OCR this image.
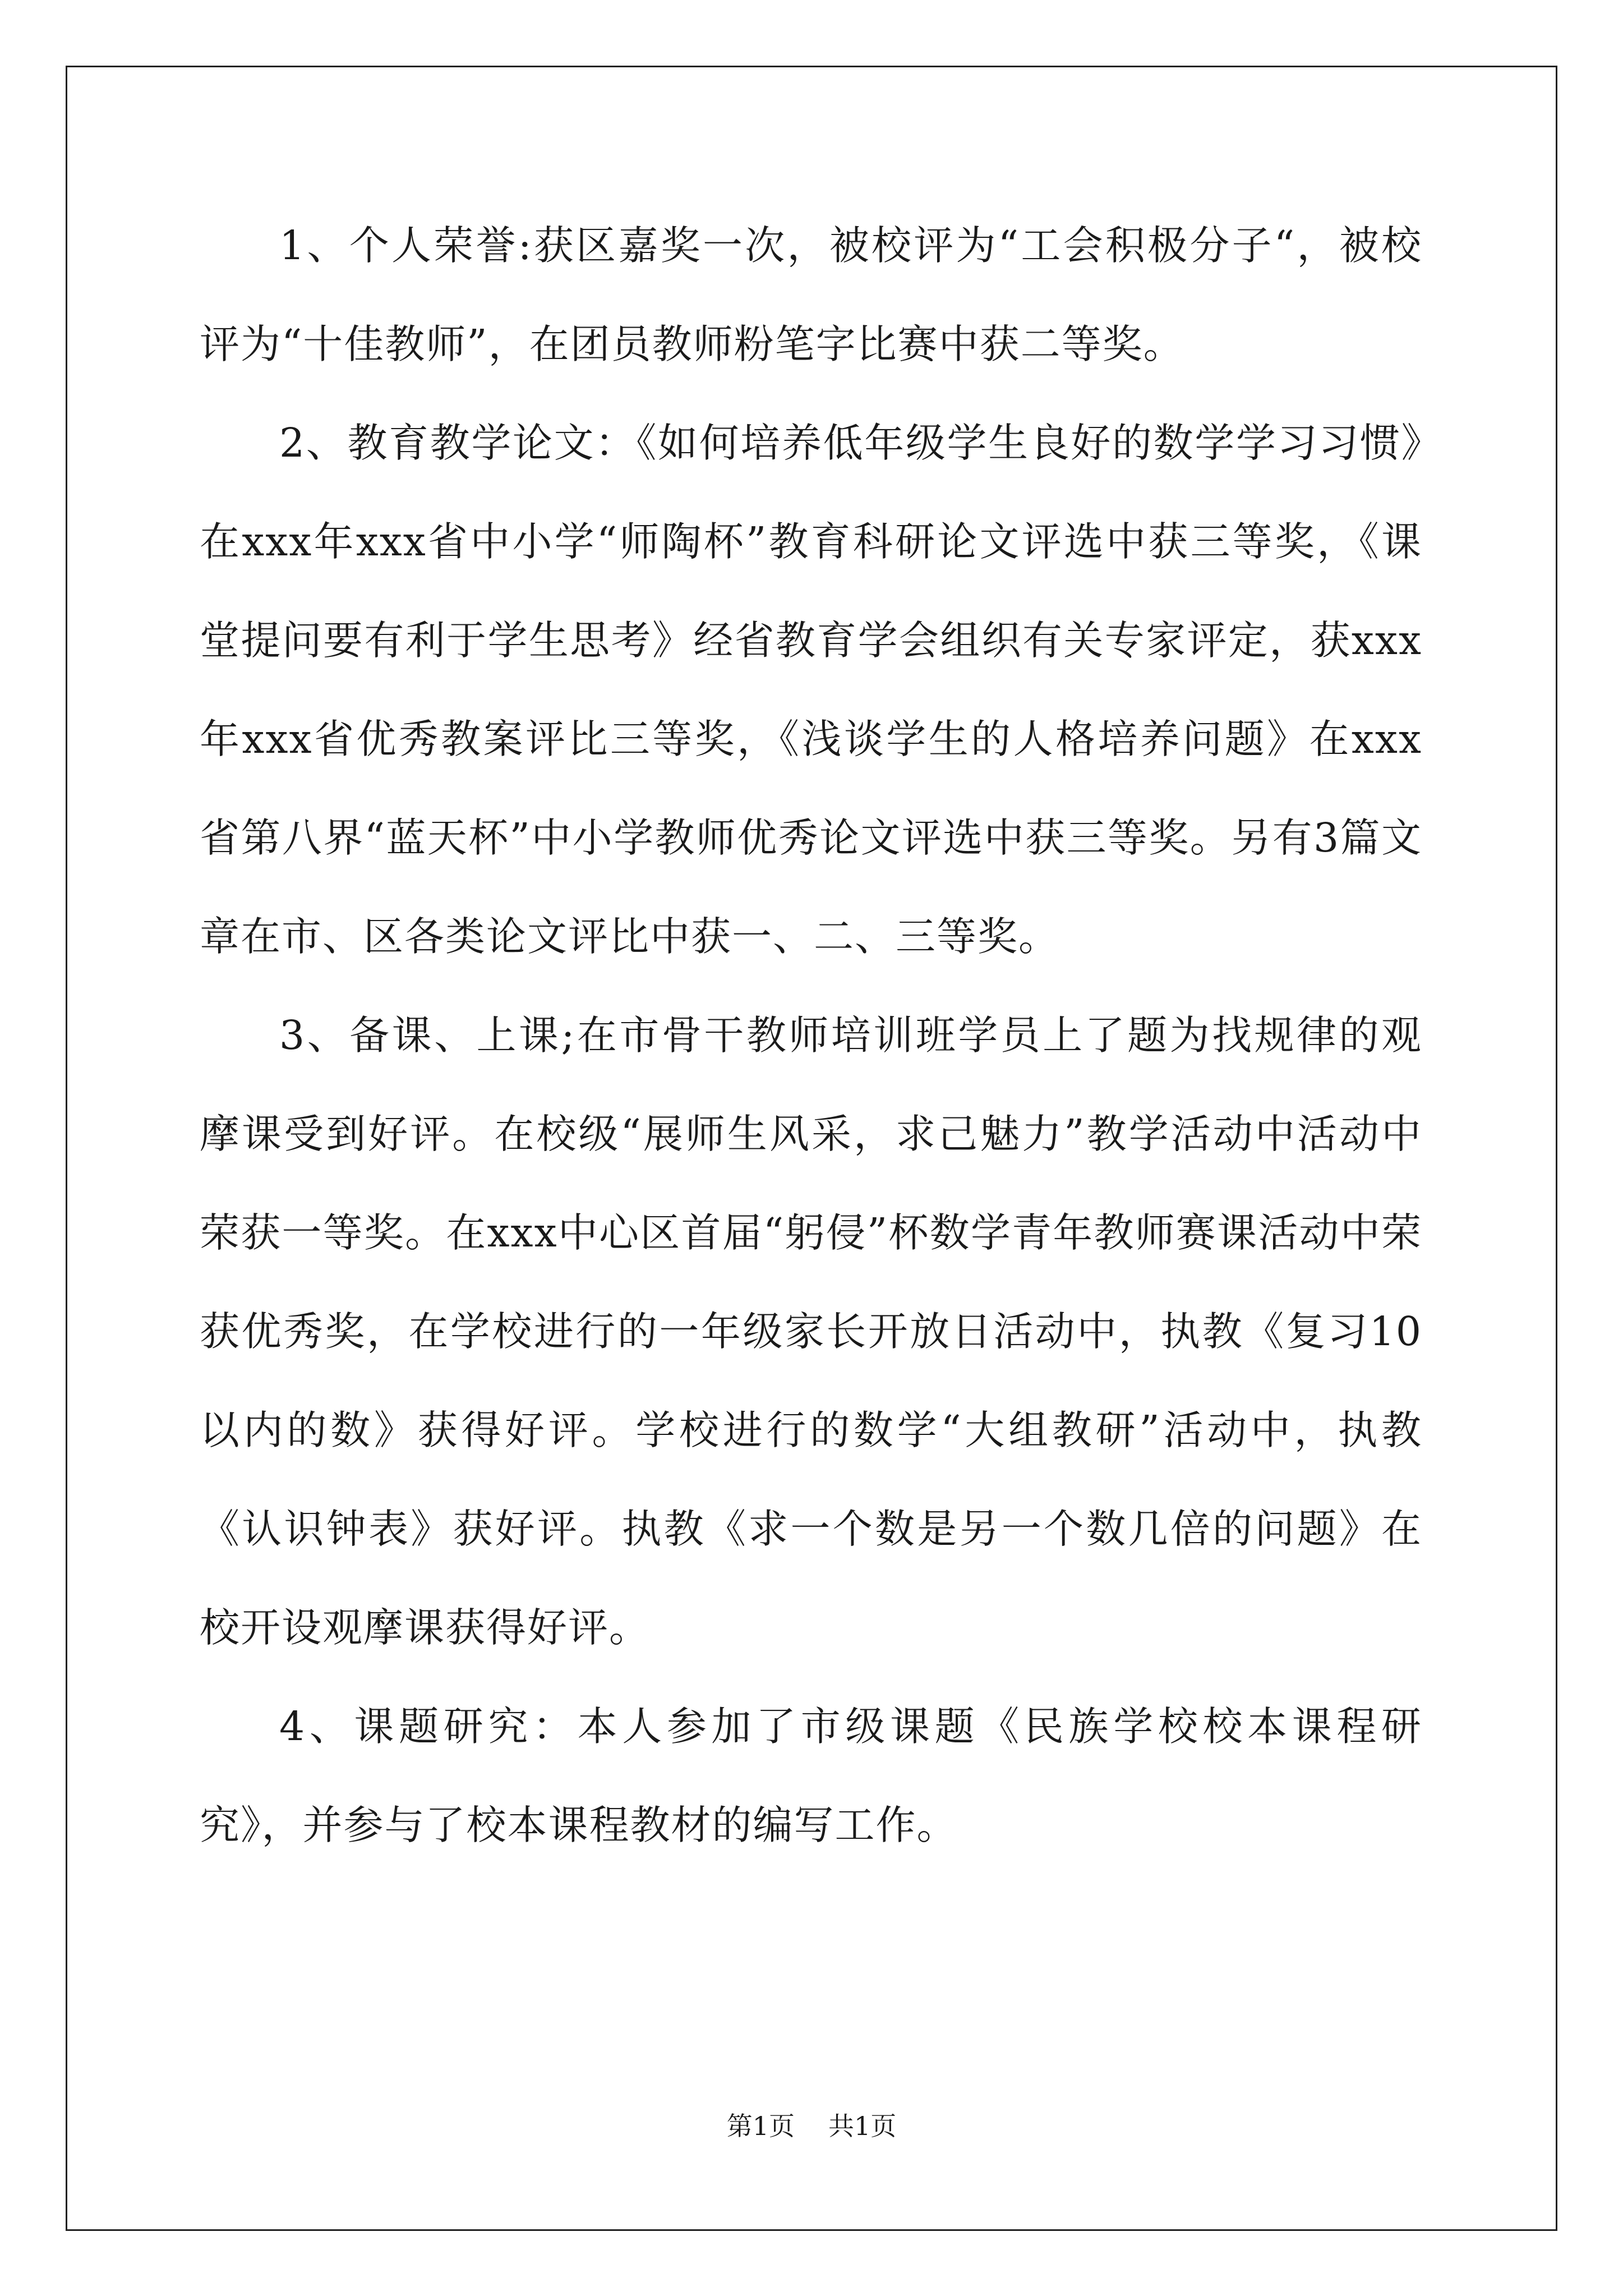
1、个人荣誉:获区嘉奖一次，被校评为“工会积极分子“，被校评为“十佳教师”，在团员教师粉笔字比赛中获二等奖。

2、教育教学论文：《如何培养低年级学生良好的数学学习习惯》在xxx年xxx省中小学“师陶杯”教育科研论文评选中获三等奖，《课堂提问要有利于学生思考》经省教育学会组织有关专家评定，获xxx年xxx省优秀教案评比三等奖，《浅谈学生的人格培养问题》在xxx省第八界“蓝天杯”中小学教师优秀论文评选中获三等奖。另有3篇文章在市、区各类论文评比中获一、二、三等奖。

3、备课、上课;在市骨干教师培训班学员上了题为找规律的观摩课受到好评。在校级“展师生风采，求己魅力”教学活动中活动中荣获一等奖。在xxx中心区首届“躬侵”杯数学青年教师赛课活动中荣获优秀奖，在学校进行的一年级家长开放日活动中，执教《复习10以内的数》获得好评。学校进行的数学“大组教研”活动中，执教《认识钟表》获好评。执教《求一个数是另一个数几倍的问题》在校开设观摩课获得好评。

4、课题研究：本人参加了市级课题《民族学校校本课程研究》，并参与了校本课程教材的编写工作。

第1页 共1页
